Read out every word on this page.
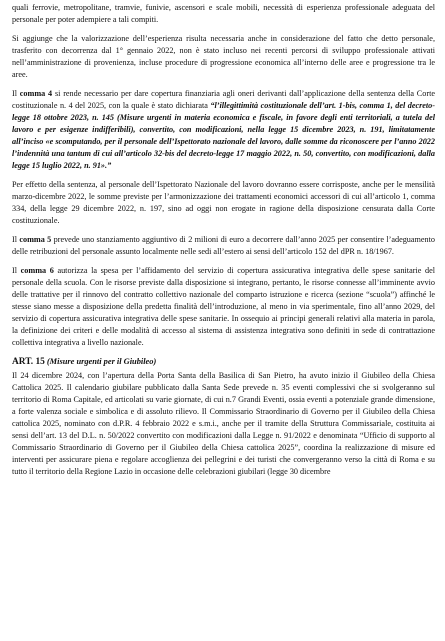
quali ferrovie, metropolitane, tramvie, funivie, ascensori e scale mobili, necessità di esperienza professionale adeguata del personale per poter adempiere a tali compiti.

Si aggiunge che la valorizzazione dell’esperienza risulta necessaria anche in considerazione del fatto che detto personale, trasferito con decorrenza dal 1° gennaio 2022, non è stato incluso nei recenti percorsi di sviluppo professionale attivati nell’amministrazione di provenienza, incluse procedure di progressione economica all’interno delle aree e progressione tra le aree.

Il comma 4 si rende necessario per dare copertura finanziaria agli oneri derivanti dall’applicazione della sentenza della Corte costituzionale n. 4 del 2025, con la quale è stato dichiarata “l’illegittimità costituzionale dell’art. 1-bis, comma 1, del decreto-legge 18 ottobre 2023, n. 145 (Misure urgenti in materia economica e fiscale, in favore degli enti territoriali, a tutela del lavoro e per esigenze indifferibili), convertito, con modificazioni, nella legge 15 dicembre 2023, n. 191, limitatamente all’inciso «e scomputando, per il personale dell’Ispettorato nazionale del lavoro, dalle somme da riconoscere per l’anno 2022 l’indennità una tantum di cui all’articolo 32-bis del decreto-legge 17 maggio 2022, n. 50, convertito, con modificazioni, dalla legge 15 luglio 2022, n. 91».”

Per effetto della sentenza, al personale dell’Ispettorato Nazionale del lavoro dovranno essere corrisposte, anche per le mensilità marzo-dicembre 2022, le somme previste per l’armonizzazione dei trattamenti economici accessori di cui all’articolo 1, comma 334, della legge 29 dicembre 2022, n. 197, sino ad oggi non erogate in ragione della disposizione censurata dalla Corte costituzionale.

Il comma 5 prevede uno stanziamento aggiuntivo di 2 milioni di euro a decorrere dall’anno 2025 per consentire l’adeguamento delle retribuzioni del personale assunto localmente nelle sedi all’estero ai sensi dell’articolo 152 del dPR n. 18/1967.

Il comma 6 autorizza la spesa per l’affidamento del servizio di copertura assicurativa integrativa delle spese sanitarie del personale della scuola. Con le risorse previste dalla disposizione si integrano, pertanto, le risorse connesse all’imminente avvio delle trattative per il rinnovo del contratto collettivo nazionale del comparto istruzione e ricerca (sezione “scuola”) affinché le stesse siano messe a disposizione della predetta finalità dell’introduzione, al meno in via sperimentale, fino all’anno 2029, del servizio di copertura assicurativa integrativa delle spese sanitarie. In ossequio ai principi generali relativi alla materia in parola, la definizione dei criteri e delle modalità di accesso al sistema di assistenza integrativa sono definiti in sede di contrattazione collettiva integrativa a livello nazionale.

ART. 15 (Misure urgenti per il Giubileo)

Il 24 dicembre 2024, con l’apertura della Porta Santa della Basilica di San Pietro, ha avuto inizio il Giubileo della Chiesa Cattolica 2025. Il calendario giubilare pubblicato dalla Santa Sede prevede n. 35 eventi complessivi che si svolgeranno sul territorio di Roma Capitale, ed articolati su varie giornate, di cui n.7 Grandi Eventi, ossia eventi a potenziale grande dimensione, a forte valenza sociale e simbolica e di assoluto rilievo. Il Commissario Straordinario di Governo per il Giubileo della Chiesa cattolica 2025, nominato con d.P.R. 4 febbraio 2022 e s.m.i., anche per il tramite della Struttura Commissariale, costituita ai sensi dell’art. 13 del D.L. n. 50/2022 convertito con modificazioni dalla Legge n. 91/2022 e denominata “Ufficio di supporto al Commissario Straordinario di Governo per il Giubileo della Chiesa cattolica 2025”, coordina la realizzazione di misure ed interventi per assicurare piena e regolare accoglienza dei pellegrini e dei turisti che convergeranno verso la città di Roma e su tutto il territorio della Regione Lazio in occasione delle celebrazioni giubilari (legge 30 dicembre
